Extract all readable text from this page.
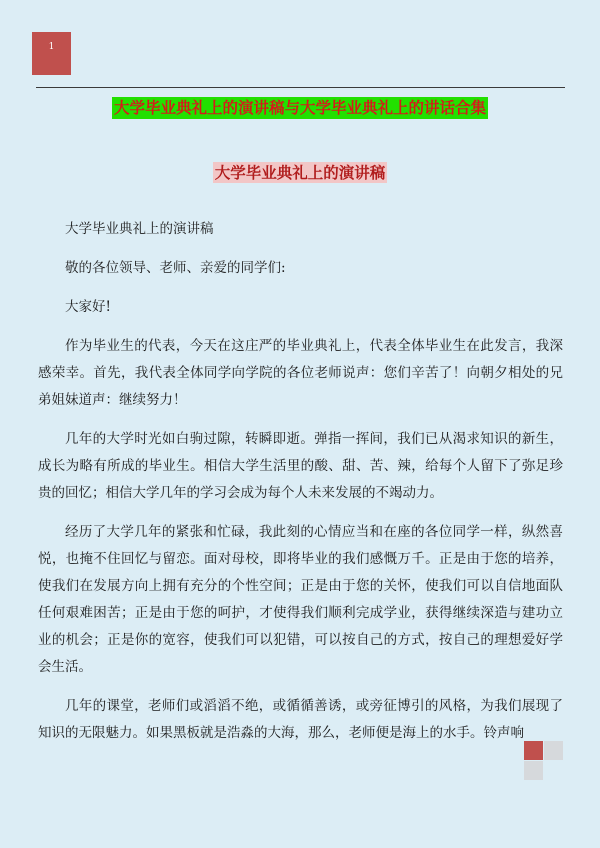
1
大学毕业典礼上的演讲稿与大学毕业典礼上的讲话合集
大学毕业典礼上的演讲稿

大学毕业典礼上的演讲稿

敬的各位领导、老师、亲爱的同学们:

大家好!

作为毕业生的代表，今天在这庄严的毕业典礼上，代表全体毕业生在此发言，我深感荣幸。首先，我代表全体同学向学院的各位老师说声：您们辛苦了！向朝夕相处的兄弟姐妹道声：继续努力！

几年的大学时光如白驹过隙，转瞬即逝。弹指一挥间，我们已从渴求知识的新生，成长为略有所成的毕业生。相信大学生活里的酸、甜、苦、辣，给每个人留下了弥足珍贵的回忆；相信大学几年的学习会成为每个人未来发展的不竭动力。

经历了大学几年的紧张和忙碌，我此刻的心情应当和在座的各位同学一样，纵然喜悦，也掩不住回忆与留恋。面对母校，即将毕业的我们感慨万千。正是由于您的培养，使我们在发展方向上拥有充分的个性空间；正是由于您的关怀，使我们可以自信地面队任何艰难困苦；正是由于您的呵护，才使得我们顺利完成学业，获得继续深造与建功立业的机会；正是你的宽容，使我们可以犯错，可以按自己的方式，按自己的理想爱好学会生活。

几年的课堂，老师们或滔滔不绝，或循循善诱，或旁征博引的风格，为我们展现了知识的无限魅力。如果黑板就是浩淼的大海，那么，老师便是海上的水手。铃声响
